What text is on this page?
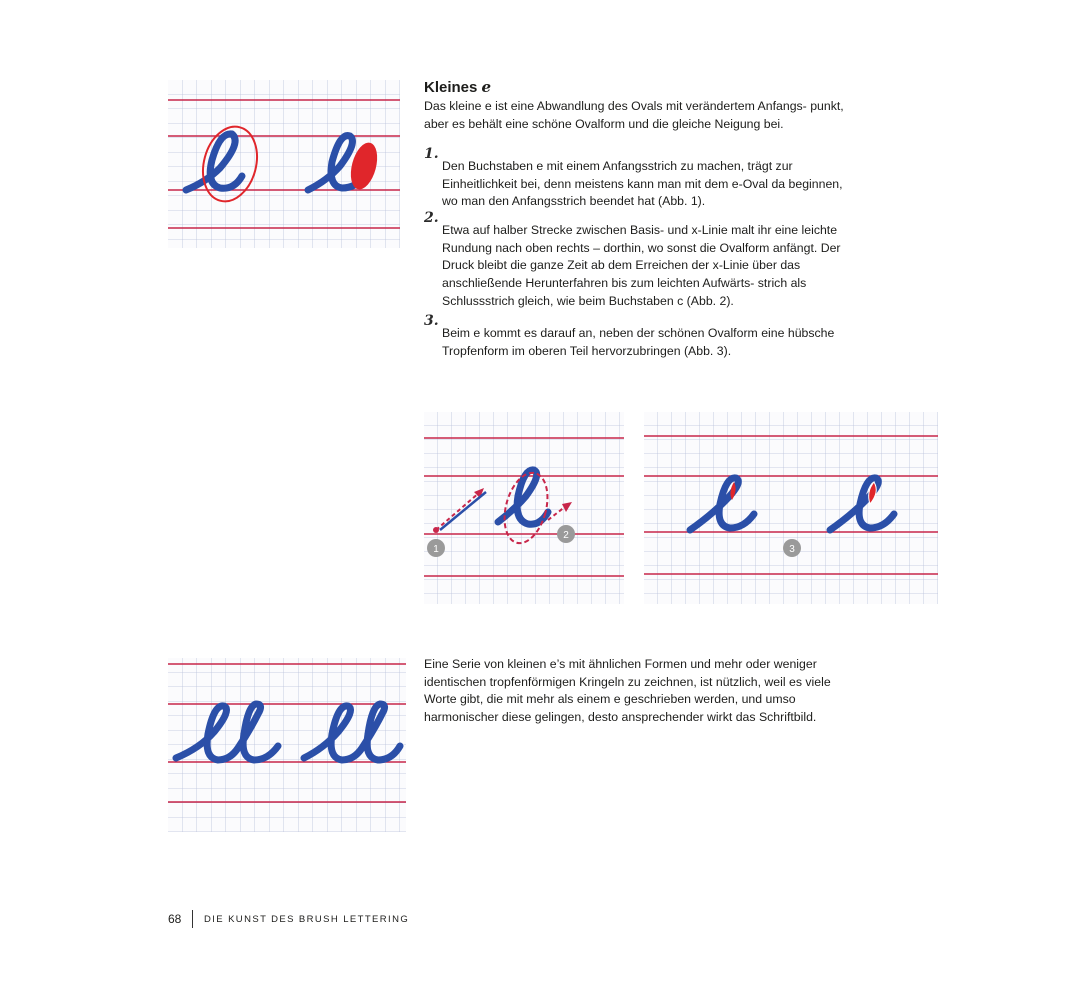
Kleines e

Das kleine e ist eine Abwandlung des Ovals mit verändertem Anfangs- punkt, aber es behält eine schöne Ovalform und die gleiche Neigung bei.

1.

Den Buchstaben e mit einem Anfangsstrich zu machen, trägt zur Einheitlichkeit bei, denn meistens kann man mit dem e-Oval da beginnen, wo man den Anfangsstrich beendet hat (Abb. 1).

2.

Etwa auf halber Strecke zwischen Basis- und x-Linie malt ihr eine leichte Rundung nach oben rechts – dorthin, wo sonst die Ovalform anfängt. Der Druck bleibt die ganze Zeit ab dem Erreichen der x-Linie über das anschließende Herunterfahren bis zum leichten Aufwärts- strich als Schlussstrich gleich, wie beim Buchstaben c (Abb. 2).

3.

Beim e kommt es darauf an, neben der schönen Ovalform eine hübsche Tropfenform im oberen Teil hervorzubringen (Abb. 3).

1
2
3

Eine Serie von kleinen e’s mit ähnlichen Formen und mehr oder weniger identischen tropfenförmigen Kringeln zu zeichnen, ist nützlich, weil es viele Worte gibt, die mit mehr als einem e geschrieben werden, und umso harmonischer diese gelingen, desto ansprechender wirkt das Schriftbild.

68 DIE KUNST DES BRUSH LETTERING
